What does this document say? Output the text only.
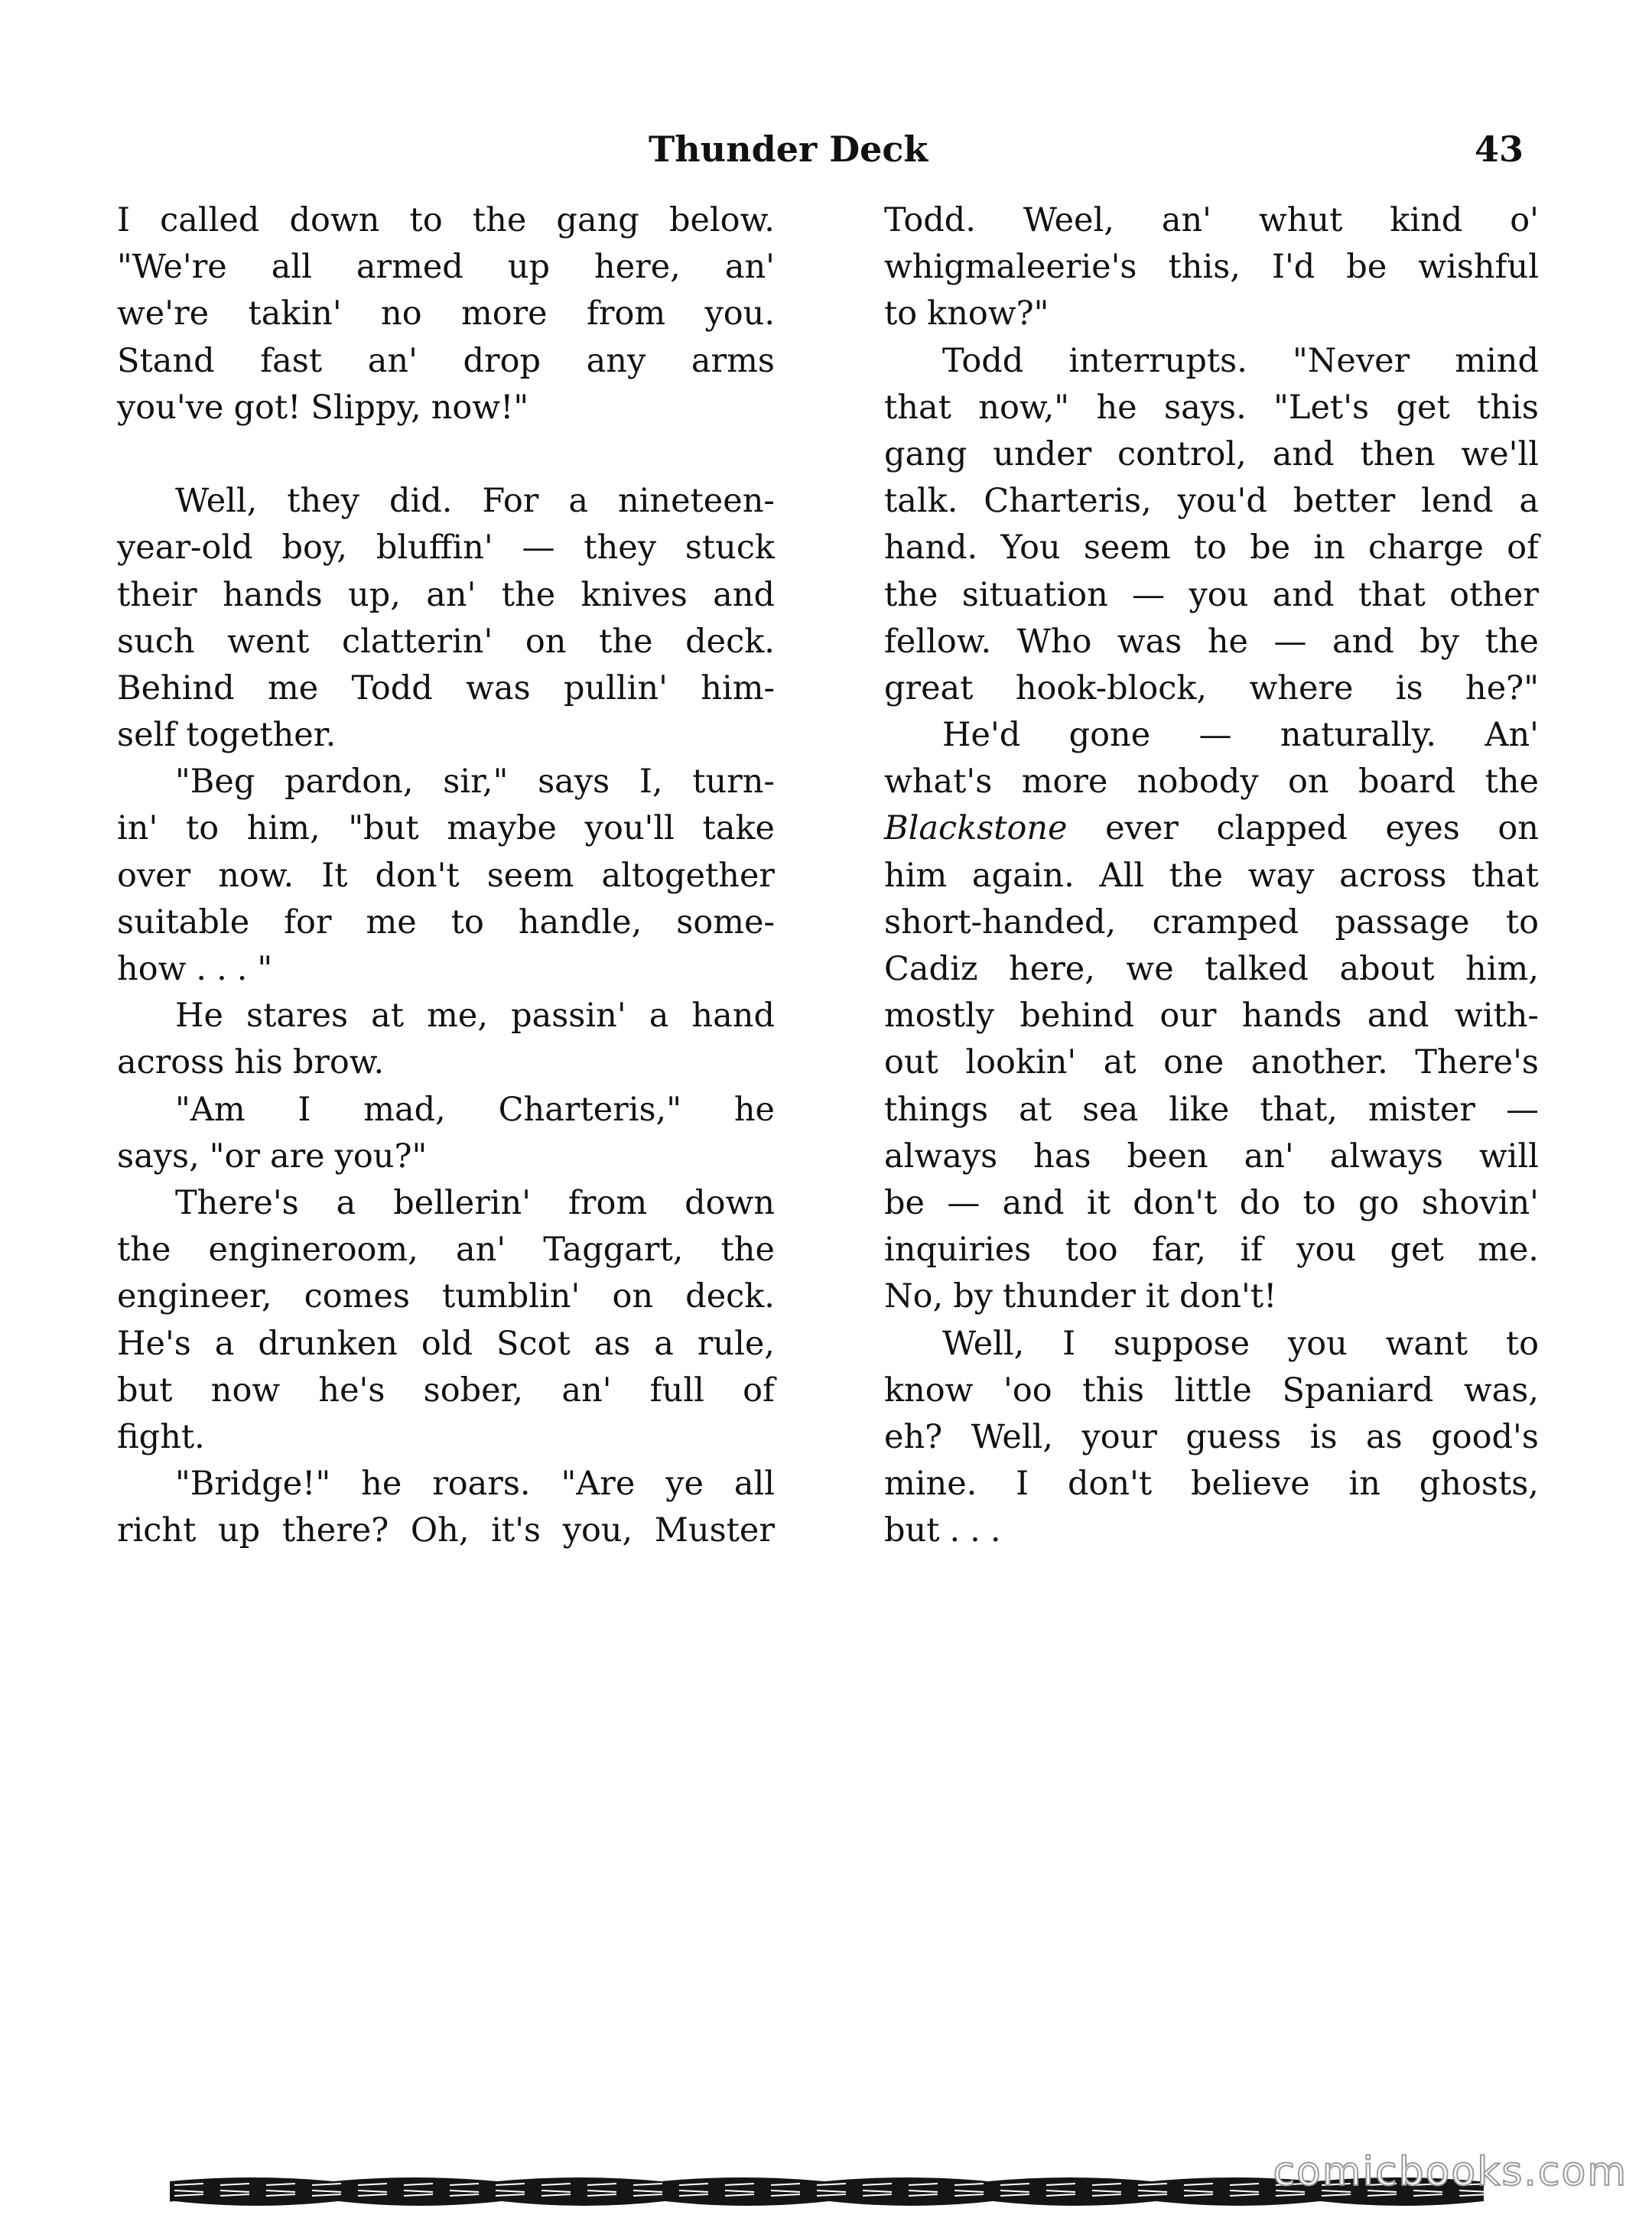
Thunder Deck	43
I called down to the gang below.
"We're all armed up here, an'
we're takin' no more from you.
Stand fast an' drop any arms
you've got! Slippy, now!"
Well, they did. For a nineteen-
year-old boy, bluffin' — they stuck
their hands up, an' the knives and
such went clatterin' on the deck.
Behind me Todd was pullin' him-
self together.
"Beg pardon, sir," says I, turn-
in' to him, "but maybe you'll take
over now. It don't seem altogether
suitable for me to handle, some-
how . . . "
He stares at me, passin' a hand
across his brow.
"Am I mad, Charteris," he
says, "or are you?"
There's a bellerin' from down
the engineroom, an' Taggart, the
engineer, comes tumblin' on deck.
He's a drunken old Scot as a rule,
but now he's sober, an' full of
fight.
"Bridge!" he roars. "Are ye all
richt up there? Oh, it's you, Muster
Todd. Weel, an' whut kind o'
whigmaleerie's this, I'd be wishful
to know?"
Todd interrupts. "Never mind
that now," he says. "Let's get this
gang under control, and then we'll
talk. Charteris, you'd better lend a
hand. You seem to be in charge of
the situation — you and that other
fellow. Who was he — and by the
great hook-block, where is he?"
He'd gone — naturally. An'
what's more nobody on board the
Blackstone ever clapped eyes on
him again. All the way across that
short-handed, cramped passage to
Cadiz here, we talked about him,
mostly behind our hands and with-
out lookin' at one another. There's
things at sea like that, mister —
always has been an' always will
be — and it don't do to go shovin'
inquiries too far, if you get me.
No, by thunder it don't!
Well, I suppose you want to
know 'oo this little Spaniard was,
eh? Well, your guess is as good's
mine. I don't believe in ghosts,
but . . .
comicbooks.com
